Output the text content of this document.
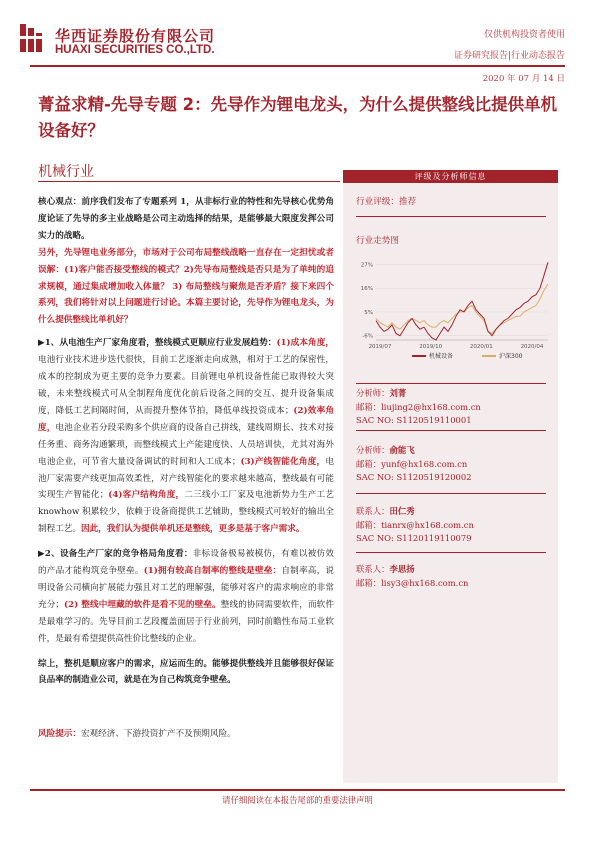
华西证券股份有限公司
HUAXI SECURITIES CO.,LTD.
仅供机构投资者使用
证券研究报告|行业动态报告
2020 年 07 月 14 日
菁益求精-先导专题 2：先导作为锂电龙头，为什么提供整线比提供单机设备好？
机械行业

核心观点：前序我们发布了专题系列 1，从非标行业的特性和先导核心优势角度论证了先导的多主业战略是公司主动选择的结果，是能够最大限度发挥公司实力的战略。

另外，先导锂电业务部分，市场对于公司布局整线战略一直存在一定担忧或者误解：(1)客户能否接受整线的模式？2)先导布局整线是否只是为了单纯的追求规模，通过集成增加收入体量？ 3) 布局整线与聚焦是否矛盾？接下来四个系列，我们将针对以上问题进行讨论。本篇主要讨论，先导作为锂电龙头，为什么提供整线比单机好？

▶1、从电池生产厂家角度看，整线模式更顺应行业发展趋势：(1)成本角度，电池行业技术进步迭代很快，目前工艺逐渐走向成熟，相对于工艺的保密性，成本的控制成为更主要的竞争力要素。目前锂电单机设备性能已取得较大突破，未来整线模式可从全制程角度优化前后设备之间的交互、提升设备集成度，降低工艺间隔时间，从而提升整体节拍，降低单线投资成本；(2)效率角度，电池企业若分段采购多个供应商的设备自己拼线，建线周期长、技术对接任务重、商务沟通繁琐，而整线模式上产能建度快、人员培训快，尤其对海外电池企业，可节省大量设备调试的时间和人工成本；(3)产线智能化角度，电池厂家需要产线更加高效柔性，对产线智能化的要求越来越高，整线最有可能实现生产智能化；(4)客户结构角度，二三线小工厂家及电池新势力生产工艺 knowhow 积累较少，依赖于设备商提供工艺辅助，整线模式可较好的输出全制程工艺。因此，我们认为提供单机还是整线，更多是基于客户需求。

▶2、设备生产厂家的竞争格局角度看：非标设备极易被模仿，有难以被仿效的产品才能构筑竞争壁垒。(1)拥有较高自制率的整线是壁垒：自制率高，说明设备公司横向扩展能力强且对工艺的理解强，能够对客户的需求响应的非常充分；(2) 整线中埋藏的软件是看不见的壁垒。整线的协同需要软件，而软件是最难学习的。先导目前工艺段覆盖面居于行业前列，同时前瞻性布局工业软件，是最有希望提供高性价比整线的企业。

综上，整机是顺应客户的需求，应运而生的。能够提供整线并且能够很好保证良品率的制造业公司，就是在为自己构筑竞争壁垒。

评级及分析师信息
行业评级：推荐
行业走势图
27%
16%
5%
-6%
2019/07	2019/10	2020/01	2020/04
机械设备	沪深300
分析师：刘菁
邮箱：liujing2@hx168.com.cn
SAC NO: S1120519110001
分析师：俞能飞
邮箱：yunf@hx168.com.cn
SAC NO: S1120519120002
联系人：田仁秀
邮箱：tianrx@hx168.com.cn
SAC NO: S1120119110079
联系人：李思扬
邮箱：lisy3@hx168.com.cn
风险提示：宏观经济、下游投资扩产不及预期风险。
请仔细阅读在本报告尾部的重要法律声明
